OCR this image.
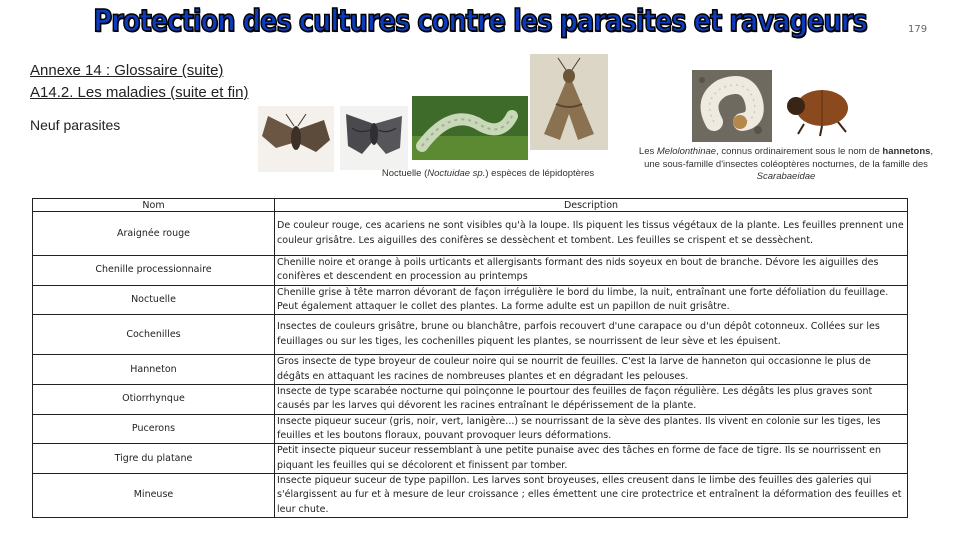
Protection des cultures contre les parasites et ravageurs	179
Annexe 14 : Glossaire (suite)
A14.2. Les maladies (suite et fin)
Neuf parasites
Noctuelle (Noctuidae sp.) espèces de lépidoptères
Les Melolonthinae, connus ordinairement sous le nom de hannetons, une sous-famille d'insectes coléoptères nocturnes, de la famille des Scarabaeidae
Nom	Description
Araignée rouge	De couleur rouge, ces acariens ne sont visibles qu'à la loupe. Ils piquent les tissus végétaux de la plante. Les feuilles prennent une couleur grisâtre. Les aiguilles des conifères se dessèchent et tombent. Les feuilles se crispent et se dessèchent.
Chenille processionnaire	Chenille noire et orange à poils urticants et allergisants formant des nids soyeux en bout de branche. Dévore les aiguilles des conifères et descendent en procession au printemps
Noctuelle	Chenille grise à tête marron dévorant de façon irrégulière le bord du limbe, la nuit, entraînant une forte défoliation du feuillage. Peut également attaquer le collet des plantes. La forme adulte est un papillon de nuit grisâtre.
Cochenilles	Insectes de couleurs grisâtre, brune ou blanchâtre, parfois recouvert d'une carapace ou d'un dépôt cotonneux. Collées sur les feuillages ou sur les tiges, les cochenilles piquent les plantes, se nourrissent de leur sève et les épuisent.
Hanneton	Gros insecte de type broyeur de couleur noire qui se nourrit de feuilles. C'est la larve de hanneton qui occasionne le plus de dégâts en attaquant les racines de nombreuses plantes et en dégradant les pelouses.
Otiorrhynque	Insecte de type scarabée nocturne qui poinçonne le pourtour des feuilles de façon régulière. Les dégâts les plus graves sont causés par les larves qui dévorent les racines entraînant le dépérissement de la plante.
Pucerons	Insecte piqueur suceur (gris, noir, vert, lanigère...) se nourrissant de la sève des plantes. Ils vivent en colonie sur les tiges, les feuilles et les boutons floraux, pouvant provoquer leurs déformations.
Tigre du platane	Petit insecte piqueur suceur ressemblant à une petite punaise avec des tâches en forme de face de tigre. Ils se nourrissent en piquant les feuilles qui se décolorent et finissent par tomber.
Mineuse	Insecte piqueur suceur de type papillon. Les larves sont broyeuses, elles creusent dans le limbe des feuilles des galeries qui s'élargissent au fur et à mesure de leur croissance ; elles émettent une cire protectrice et entraînent la déformation des feuilles et leur chute.
